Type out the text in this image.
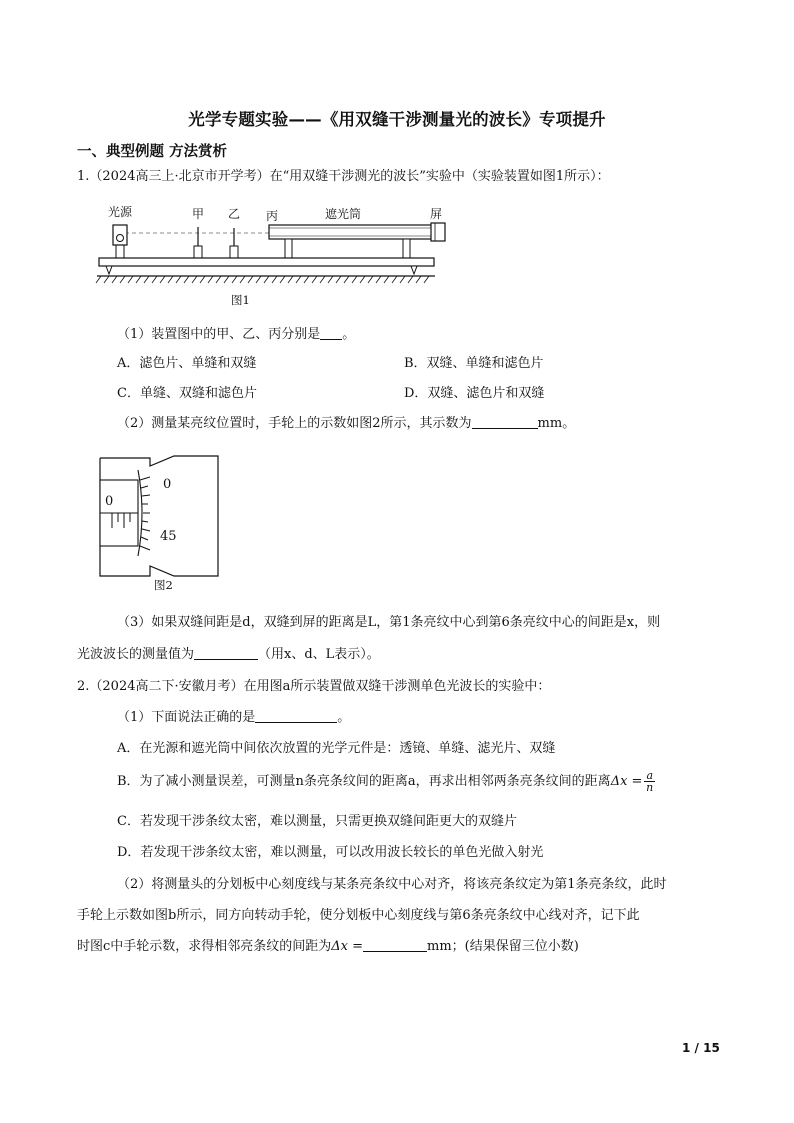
光学专题实验——《用双缝干涉测量光的波长》专项提升
一、典型例题 方法赏析
1.（2024高三上·北京市开学考）在“用双缝干涉测光的波长”实验中（实验装置如图1所示）：
光源	甲 乙 丙	遮光筒	屏
图1
（1）装置图中的甲、乙、丙分别是 。
A．滤色片、单缝和双缝	B．双缝、单缝和滤色片
C．单缝、双缝和滤色片	D．双缝、滤色片和双缝
（2）测量某亮纹位置时，手轮上的示数如图2所示，其示数为	mm。
0
0
45
图2
（3）如果双缝间距是d，双缝到屏的距离是L，第1条亮纹中心到第6条亮纹中心的间距是x，则
光波波长的测量值为	（用x、d、L表示）。
2.（2024高二下·安徽月考）在用图a所示装置做双缝干涉测单色光波长的实验中：
（1）下面说法正确的是	。
A．在光源和遮光筒中间依次放置的光学元件是：透镜、单缝、滤光片、双缝
B．为了减小测量误差，可测量n条亮条纹间的距离a，再求出相邻两条亮条纹间的距离$\Delta x = \frac{a}{n}$
C．若发现干涉条纹太密，难以测量，只需更换双缝间距更大的双缝片
D．若发现干涉条纹太密，难以测量，可以改用波长较长的单色光做入射光
（2）将测量头的分划板中心刻度线与某条亮条纹中心对齐，将该亮条纹定为第1条亮条纹，此时
手轮上示数如图b所示，同方向转动手轮，使分划板中心刻度线与第6条亮条纹中心线对齐，记下此
时图c中手轮示数，求得相邻亮条纹的间距为Δx =	mm；(结果保留三位小数)
1 / 15
